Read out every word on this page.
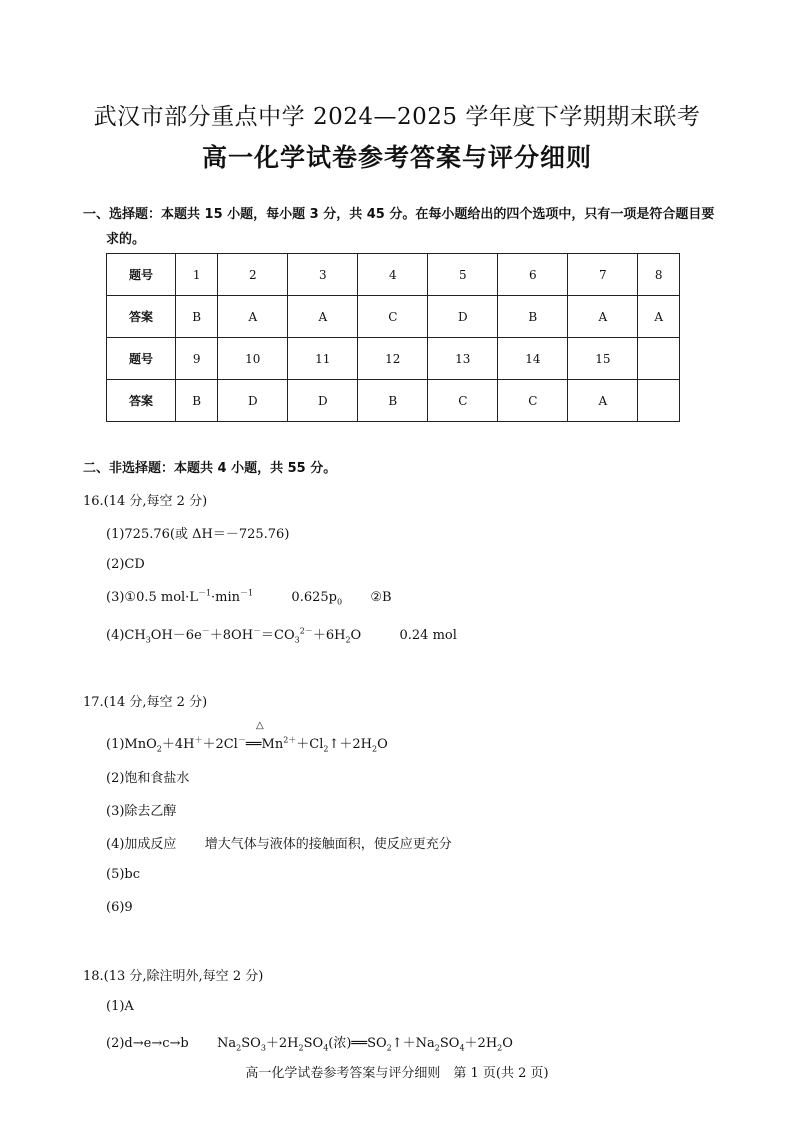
武汉市部分重点中学 2024—2025 学年度下学期期末联考
高一化学试卷参考答案与评分细则
一、选择题：本题共 15 小题，每小题 3 分，共 45 分。在每小题给出的四个选项中，只有一项是符合题目要
求的。
题号	1	2	3	4	5	6	7	8
答案	B	A	A	C	D	B	A	A
题号	9	10	11	12	13	14	15	
答案	B	D	D	B	C	C	A	
二、非选择题：本题共 4 小题，共 55 分。
16.(14 分,每空 2 分)
(1)725.76(或 ΔH＝－725.76)
(2)CD
(3)①0.5 $mol\cdot L^{-1}\cdot\min^{-1}$	$0.625p_0$ ②B
$(4)CH_3OH-6e^-+8OH^-=CO_3^{2-}+6H_2O$	0.24 mol
17.(14 分,每空 2 分)
△
$(1)MnO_2+4H^++2Cl^-══Mn^{2+}+Cl_2↑+2H_2O$
(2)饱和食盐水
(3)除去乙醇
(4)加成反应 增大气体与液体的接触面积，使反应更充分
(5)bc
(6)9
18.(13 分,除注明外,每空 2 分)
(1)A
(2)d→e→c→b $Na_2SO_3+2H_2SO_4$(浓)$══SO_2↑+Na_2SO_4+2H_2O$
高一化学试卷参考答案与评分细则　第 1 页(共 2 页)
